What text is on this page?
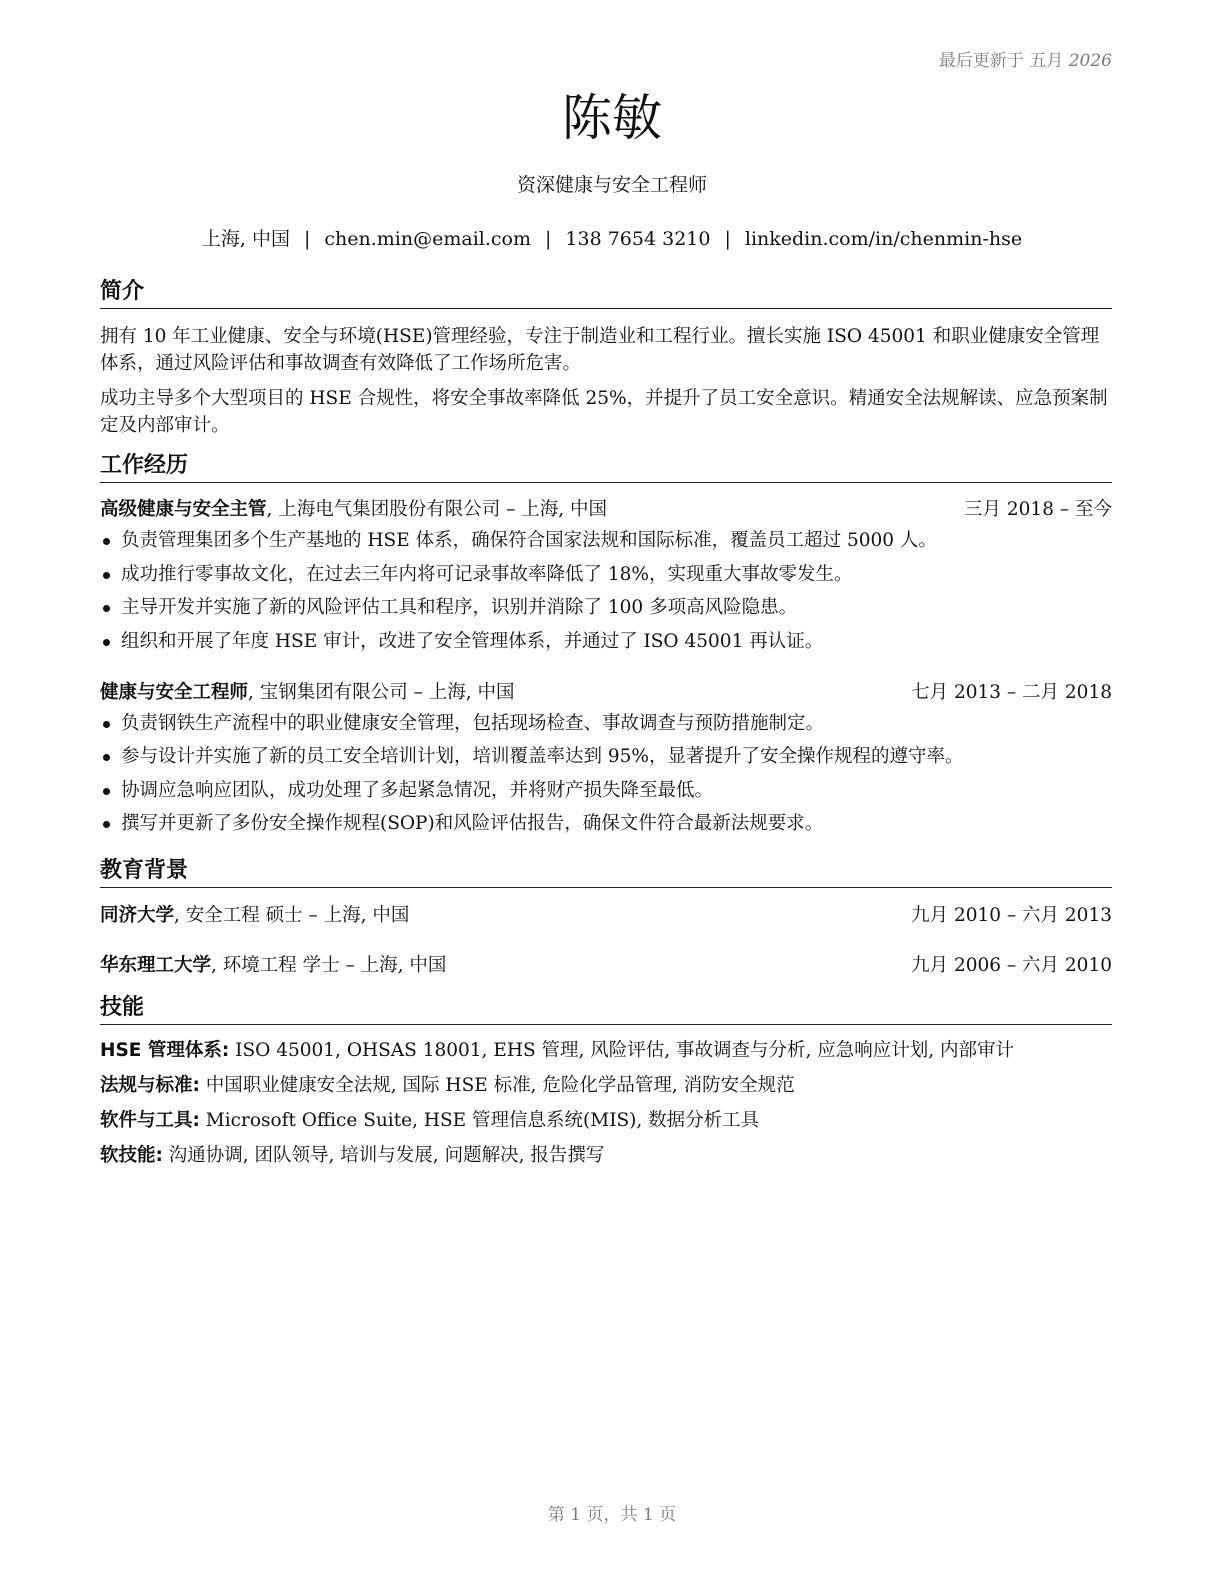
最后更新于 五月 2026
陈敏
资深健康与安全工程师
上海, 中国 | chen.min@email.com | 138 7654 3210 | linkedin.com/in/chenmin-hse
简介

拥有 10 年工业健康、安全与环境(HSE)管理经验，专注于制造业和工程行业。擅长实施 ISO 45001 和职业健康安全管理体系，通过风险评估和事故调查有效降低了工作场所危害。

成功主导多个大型项目的 HSE 合规性，将安全事故率降低 25%，并提升了员工安全意识。精通安全法规解读、应急预案制定及内部审计。

工作经历
高级健康与安全主管, 上海电气集团股份有限公司 – 上海, 中国	三月 2018 – 至今
负责管理集团多个生产基地的 HSE 体系，确保符合国家法规和国际标准，覆盖员工超过 5000 人。
成功推行零事故文化，在过去三年内将可记录事故率降低了 18%，实现重大事故零发生。
主导开发并实施了新的风险评估工具和程序，识别并消除了 100 多项高风险隐患。
组织和开展了年度 HSE 审计，改进了安全管理体系，并通过了 ISO 45001 再认证。
健康与安全工程师, 宝钢集团有限公司 – 上海, 中国	七月 2013 – 二月 2018
负责钢铁生产流程中的职业健康安全管理，包括现场检查、事故调查与预防措施制定。
参与设计并实施了新的员工安全培训计划，培训覆盖率达到 95%，显著提升了安全操作规程的遵守率。
协调应急响应团队，成功处理了多起紧急情况，并将财产损失降至最低。
撰写并更新了多份安全操作规程(SOP)和风险评估报告，确保文件符合最新法规要求。
教育背景
同济大学, 安全工程 硕士 – 上海, 中国	九月 2010 – 六月 2013
华东理工大学, 环境工程 学士 – 上海, 中国	九月 2006 – 六月 2010
技能
HSE 管理体系: ISO 45001, OHSAS 18001, EHS 管理, 风险评估, 事故调查与分析, 应急响应计划, 内部审计
法规与标准: 中国职业健康安全法规, 国际 HSE 标准, 危险化学品管理, 消防安全规范
软件与工具: Microsoft Office Suite, HSE 管理信息系统(MIS), 数据分析工具
软技能: 沟通协调, 团队领导, 培训与发展, 问题解决, 报告撰写
第 1 页，共 1 页
